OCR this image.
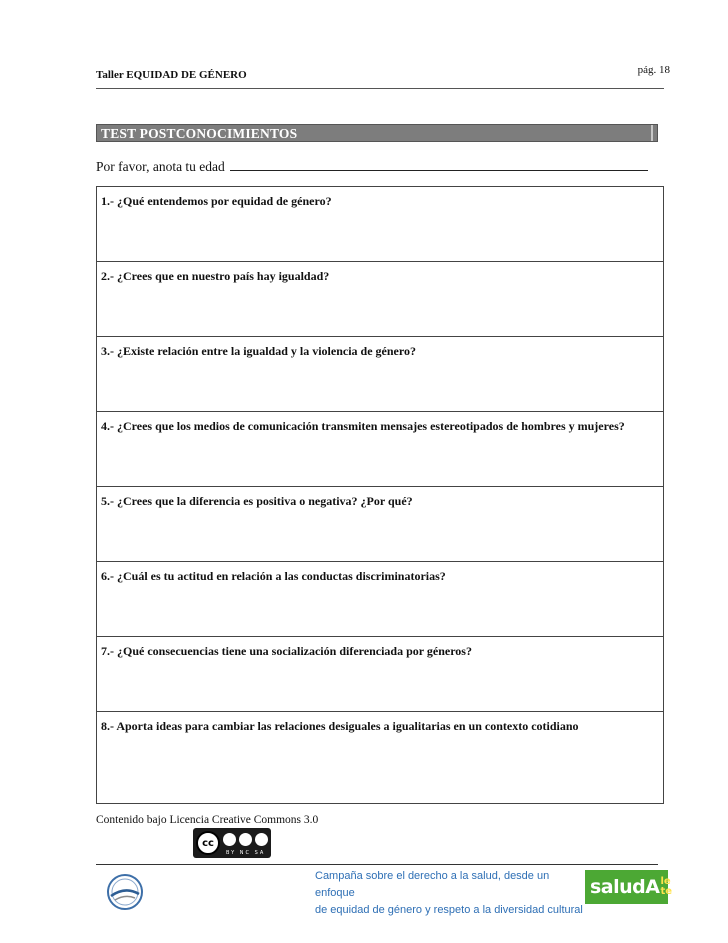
Taller EQUIDAD DE GÉNERO	pág. 18
TEST POSTCONOCIMIENTOS
Por favor, anota tu edad
1.- ¿Qué entendemos por equidad de género?
2.- ¿Crees que en nuestro país hay igualdad?
3.- ¿Existe relación entre la igualdad y la violencia de género?
4.- ¿Crees que los medios de comunicación transmiten mensajes estereotipados de hombres y mujeres?
5.- ¿Crees que la diferencia es positiva o negativa? ¿Por qué?
6.- ¿Cuál es tu actitud en relación a las conductas discriminatorias?
7.- ¿Qué consecuencias tiene una socialización diferenciada por géneros?
8.- Aporta ideas para cambiar las relaciones desiguales a igualitarias en un contexto cotidiano
Contenido bajo Licencia Creative Commons 3.0
cc
BY NC SA
Campaña sobre el derecho a la salud, desde un enfoque
de equidad de género y respeto a la diversidad cultural
saludA le
te
